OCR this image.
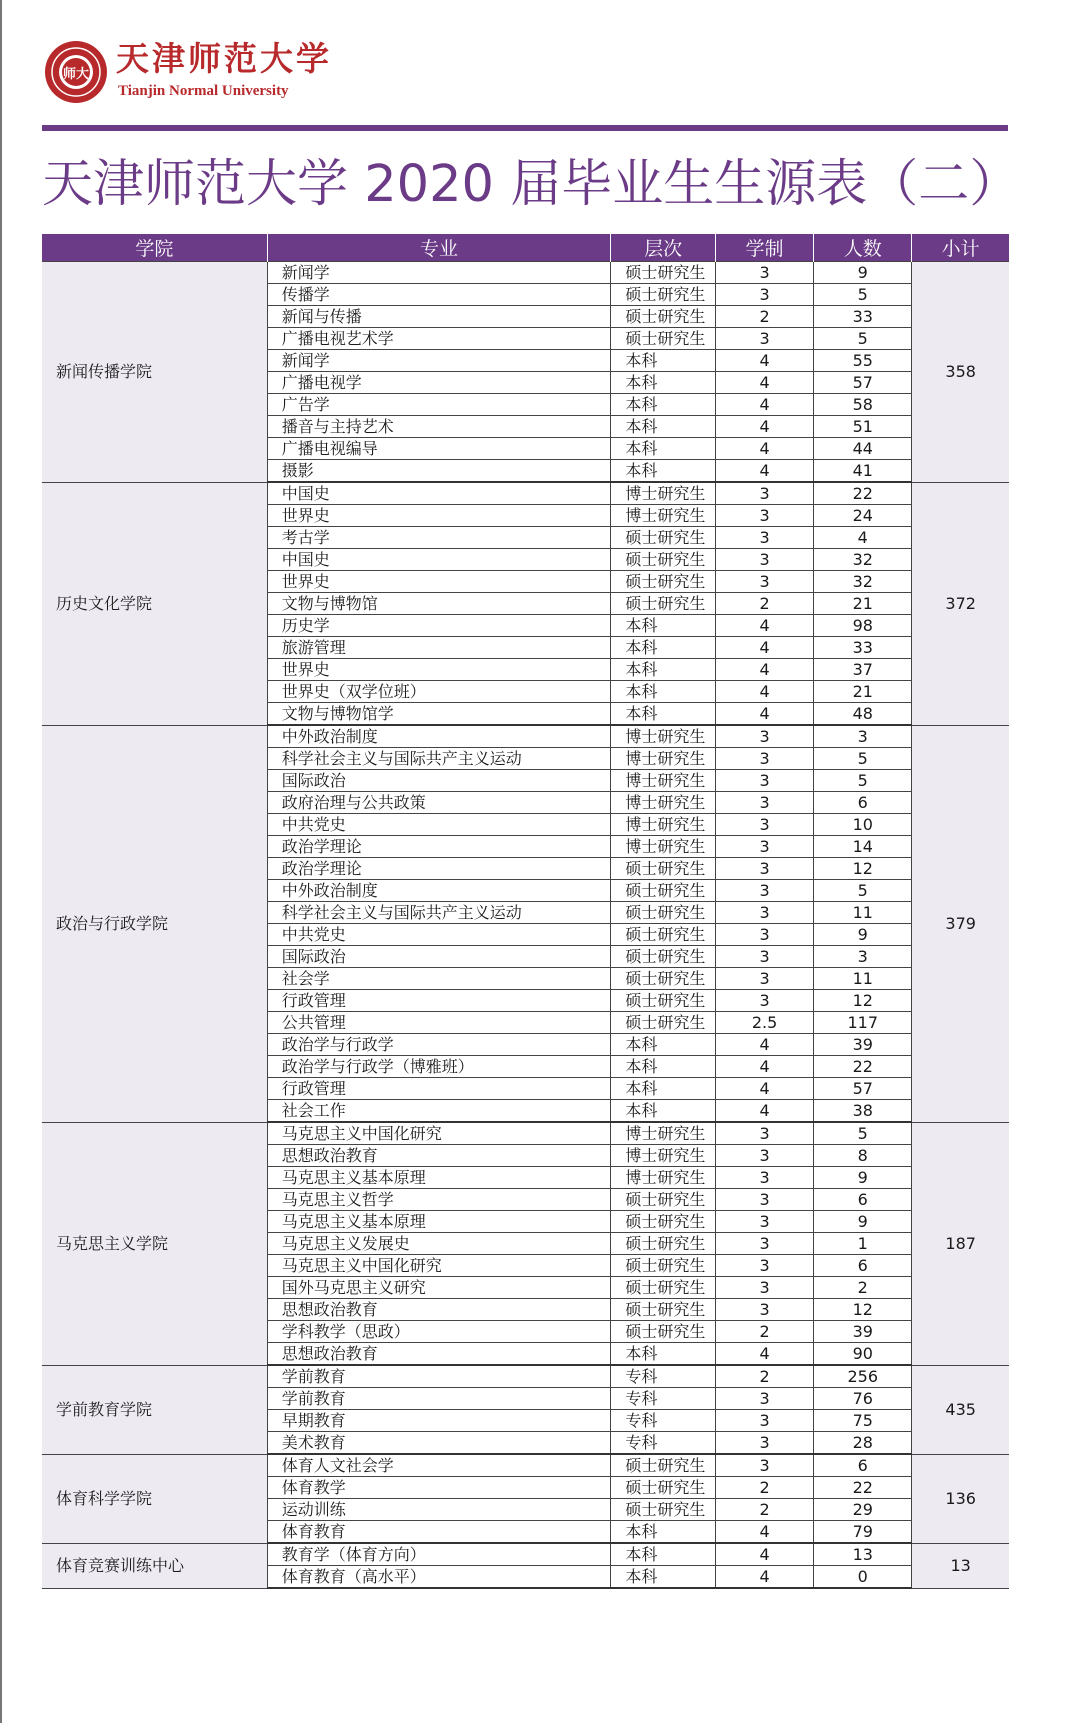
师大 天津师范大学
Tianjin Normal University
天津师范大学 2020 届毕业生生源表（二）
学院	专业	层次	学制	人数	小计
新闻传播学院	新闻学	硕士研究生	3	9	358
	传播学	硕士研究生	3	5	
	新闻与传播	硕士研究生	2	33	
	广播电视艺术学	硕士研究生	3	5	
	新闻学	本科	4	55	
	广播电视学	本科	4	57	
	广告学	本科	4	58	
	播音与主持艺术	本科	4	51	
	广播电视编导	本科	4	44	
	摄影	本科	4	41	
历史文化学院	中国史	博士研究生	3	22	372
	世界史	博士研究生	3	24	
	考古学	硕士研究生	3	4	
	中国史	硕士研究生	3	32	
	世界史	硕士研究生	3	32	
	文物与博物馆	硕士研究生	2	21	
	历史学	本科	4	98	
	旅游管理	本科	4	33	
	世界史	本科	4	37	
	世界史（双学位班）	本科	4	21	
	文物与博物馆学	本科	4	48	
政治与行政学院	中外政治制度	博士研究生	3	3	379
	科学社会主义与国际共产主义运动	博士研究生	3	5	
	国际政治	博士研究生	3	5	
	政府治理与公共政策	博士研究生	3	6	
	中共党史	博士研究生	3	10	
	政治学理论	博士研究生	3	14	
	政治学理论	硕士研究生	3	12	
	中外政治制度	硕士研究生	3	5	
	科学社会主义与国际共产主义运动	硕士研究生	3	11	
	中共党史	硕士研究生	3	9	
	国际政治	硕士研究生	3	3	
	社会学	硕士研究生	3	11	
	行政管理	硕士研究生	3	12	
	公共管理	硕士研究生	2.5	117	
	政治学与行政学	本科	4	39	
	政治学与行政学（博雅班）	本科	4	22	
	行政管理	本科	4	57	
	社会工作	本科	4	38	
马克思主义学院	马克思主义中国化研究	博士研究生	3	5	187
	思想政治教育	博士研究生	3	8	
	马克思主义基本原理	博士研究生	3	9	
	马克思主义哲学	硕士研究生	3	6	
	马克思主义基本原理	硕士研究生	3	9	
	马克思主义发展史	硕士研究生	3	1	
	马克思主义中国化研究	硕士研究生	3	6	
	国外马克思主义研究	硕士研究生	3	2	
	思想政治教育	硕士研究生	3	12	
	学科教学（思政）	硕士研究生	2	39	
	思想政治教育	本科	4	90	
学前教育学院	学前教育	专科	2	256	435
	学前教育	专科	3	76	
	早期教育	专科	3	75	
	美术教育	专科	3	28	
体育科学学院	体育人文社会学	硕士研究生	3	6	136
	体育教学	硕士研究生	2	22	
	运动训练	硕士研究生	2	29	
	体育教育	本科	4	79	
体育竞赛训练中心	教育学（体育方向）	本科	4	13	13
	体育教育（高水平）	本科	4	0	
